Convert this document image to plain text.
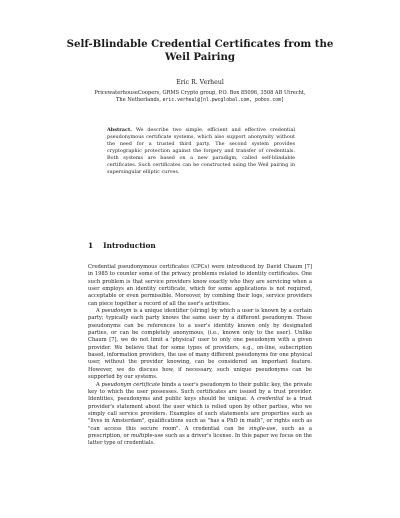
Self-Blindable Credential Certificates from the Weil Pairing
Eric R. Verheul
PricewaterhouseCoopers, GRMS Crypto group, P.O. Box 85096, 3508 AB Utrecht,
The Netherlands, eric.verheul@[nl.pwcglobal.com, pobox.com]
Abstract. We describe two simple, efficient and effective credential pseudonymous certificate systems, which also support anonymity without the need for a trusted third party. The second system provides cryptographic protection against the forgery and transfer of credentials. Both systems are based on a new paradigm, called self-blindable certificates. Such certificates can be constructed using the Weil pairing in supersingular elliptic curves.
1 Introduction

Credential pseudonymous certificates (CPCs) were introduced by David Chaum [7] in 1985 to counter some of the privacy problems related to identity certificates. One such problem is that service providers know exactly who they are servicing when a user employs an identity certificate, which for some applications is not required, acceptable or even permissible. Moreover, by combing their logs, service providers can piece together a record of all the user's activities.

A pseudonym is a unique identifier (string) by which a user is known by a certain party; typically each party knows the same user by a different pseudonym. These pseudonyms can be references to a user's identity known only by designated parties, or can be completely anonymous, (i.e., known only to the user). Unlike Chaum [7], we do not limit a 'physical' user to only one pseudonym with a given provider. We believe that for some types of providers, e.g., on-line, subscription based, information providers, the use of many different pseudonyms for one physical user, without the provider knowing, can be considered an important feature. However, we do discuss how, if necessary, such unique pseudonyms can be supported by our systems.

A pseudonym certificate binds a user's pseudonym to their public key, the private key to which the user possesses. Such certificates are issued by a trust provider. Identities, pseudonyms and public keys should be unique. A credential is a trust provider's statement about the user which is relied upon by other parties, who we simply call service providers. Examples of such statements are properties such as "lives in Amsterdam", qualifications such as "has a PhD in math", or rights such as "can access this secure room". A credential can be single-use, such as a prescription, or multiple-use such as a driver's license. In this paper we focus on the latter type of credentials.
